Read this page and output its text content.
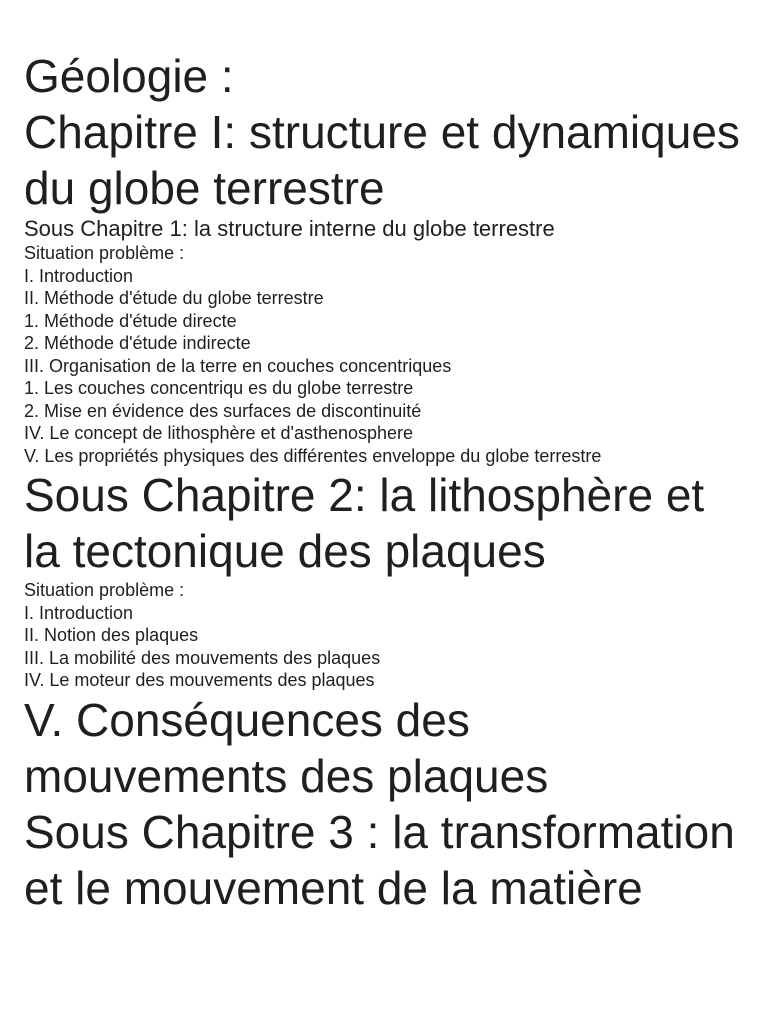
Géologie :
Chapitre I: structure et dynamiques du globe terrestre
Sous Chapitre 1: la structure interne du globe terrestre

Situation problème :

I. Introduction

II. Méthode d'étude du globe terrestre

1. Méthode d'étude directe

2. Méthode d'étude indirecte

III. Organisation de la terre en couches concentriques

1. Les couches concentriqu es du globe terrestre

2. Mise en évidence des surfaces de discontinuité

IV. Le concept de lithosphère et d'asthenosphere

V. Les propriétés physiques des différentes enveloppe du globe terrestre

Sous Chapitre 2: la lithosphère et la tectonique des plaques

Situation problème :

I. Introduction

II. Notion des plaques

III. La mobilité des mouvements des plaques

IV. Le moteur des mouvements des plaques

V. Conséquences des mouvements des plaques
Sous Chapitre 3 : la transformation et le mouvement de la matière
